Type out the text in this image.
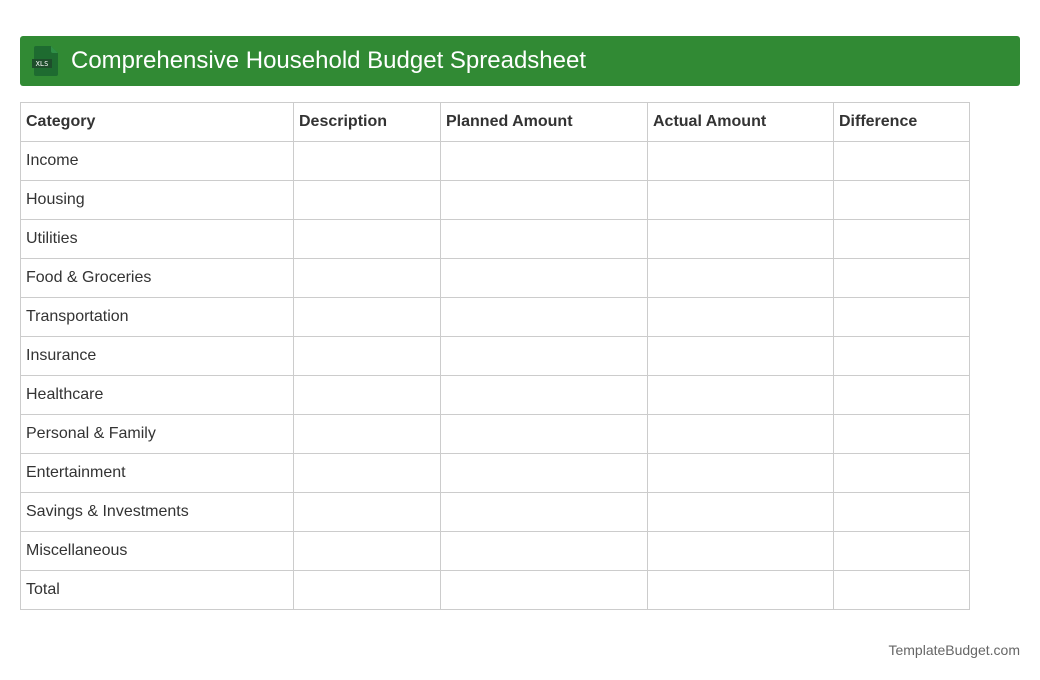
XLS Comprehensive Household Budget Spreadsheet
Category	Description	Planned Amount	Actual Amount	Difference
Income				
Housing				
Utilities				
Food & Groceries				
Transportation				
Insurance				
Healthcare				
Personal & Family				
Entertainment				
Savings & Investments				
Miscellaneous				
Total				
TemplateBudget.com
